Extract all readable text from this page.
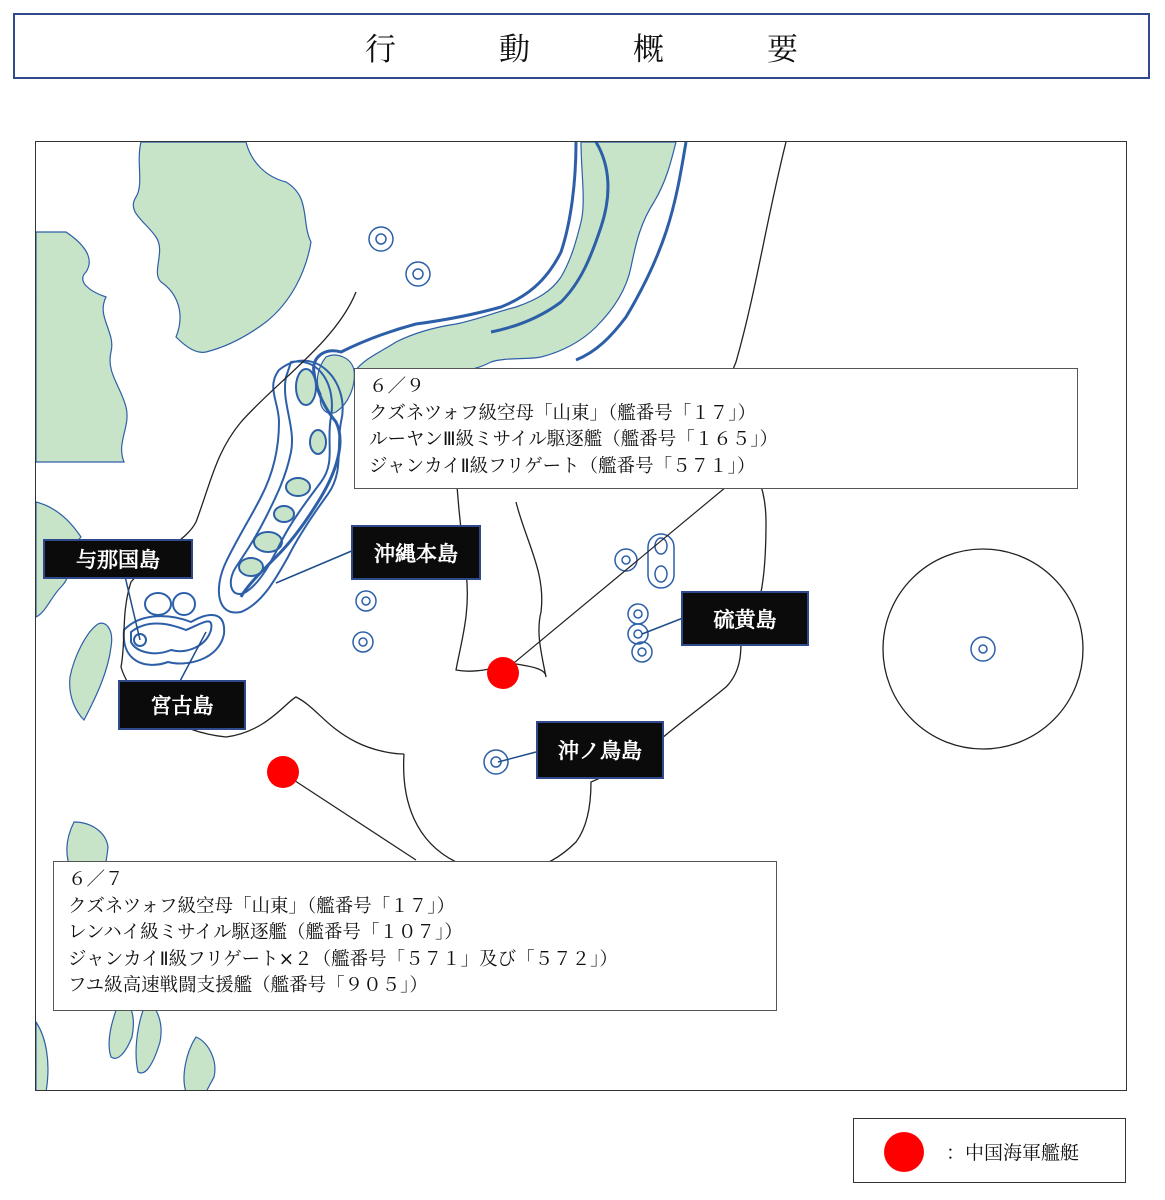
行　動　概　要
与那国島	沖縄本島
宮古島
硫黄島
沖ノ鳥島
６／９
クズネツォフ級空母「山東」（艦番号「１７」）
ルーヤンⅢ級ミサイル駆逐艦（艦番号「１６５」）
ジャンカイⅡ級フリゲート（艦番号「５７１」）
６／７
クズネツォフ級空母「山東」（艦番号「１７」）
レンハイ級ミサイル駆逐艦（艦番号「１０７」）
ジャンカイⅡ級フリゲート×２（艦番号「５７１」及び「５７２」）
フユ級高速戦闘支援艦（艦番号「９０５」）
：中国海軍艦艇
